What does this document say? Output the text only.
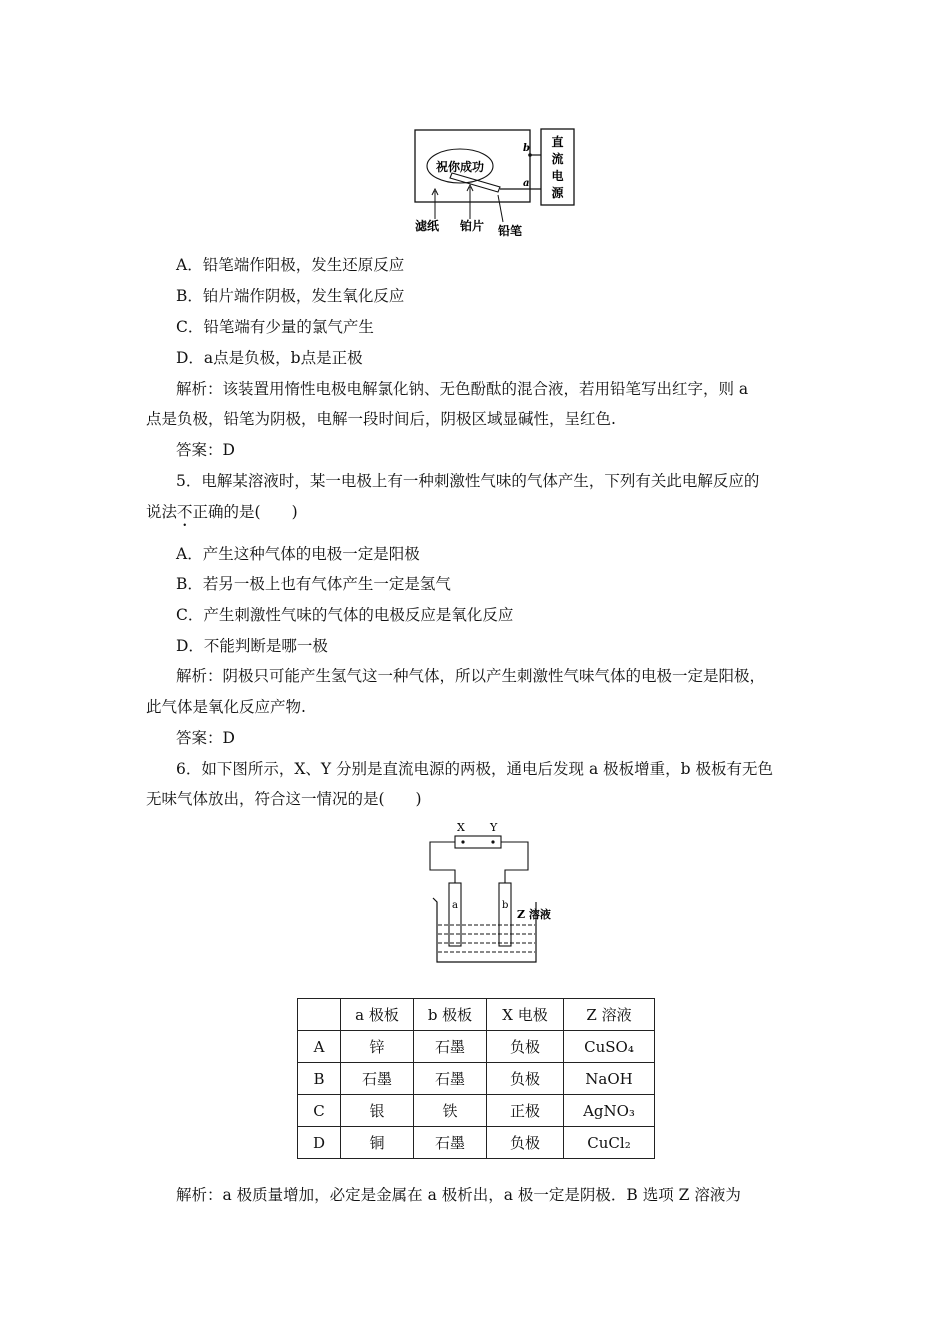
祝你成功
b
a
直
流
电
源
滤纸 铂片 铅笔
A．铅笔端作阳极，发生还原反应
B．铂片端作阴极，发生氧化反应
C．铅笔端有少量的氯气产生
D．a点是负极，b点是正极
解析：该装置用惰性电极电解氯化钠、无色酚酞的混合液，若用铅笔写出红字，则 a
点是负极，铅笔为阴极，电解一段时间后，阴极区域显碱性，呈红色.
答案：D
5．电解某溶液时，某一电极上有一种刺激性气味的气体产生，下列有关此电解反应的
说法不正确的是(　　)
A．产生这种气体的电极一定是阳极
B．若另一极上也有气体产生一定是氢气
C．产生刺激性气味的气体的电极反应是氧化反应
D．不能判断是哪一极
解析：阴极只可能产生氢气这一种气体，所以产生刺激性气味气体的电极一定是阳极，
此气体是氧化反应产物.
答案：D
6．如下图所示，X、Y 分别是直流电源的两极，通电后发现 a 极板增重，b 极板有无色
无味气体放出，符合这一情况的是(　　)
X Y
a	b
Z 溶液
	a 极板	b 极板	X 电极	Z 溶液
A	锌	石墨	负极	CuSO₄
B	石墨	石墨	负极	NaOH
C	银	铁	正极	AgNO₃
D	铜	石墨	负极	CuCl₂
解析：a 极质量增加，必定是金属在 a 极析出，a 极一定是阴极．B 选项 Z 溶液为
